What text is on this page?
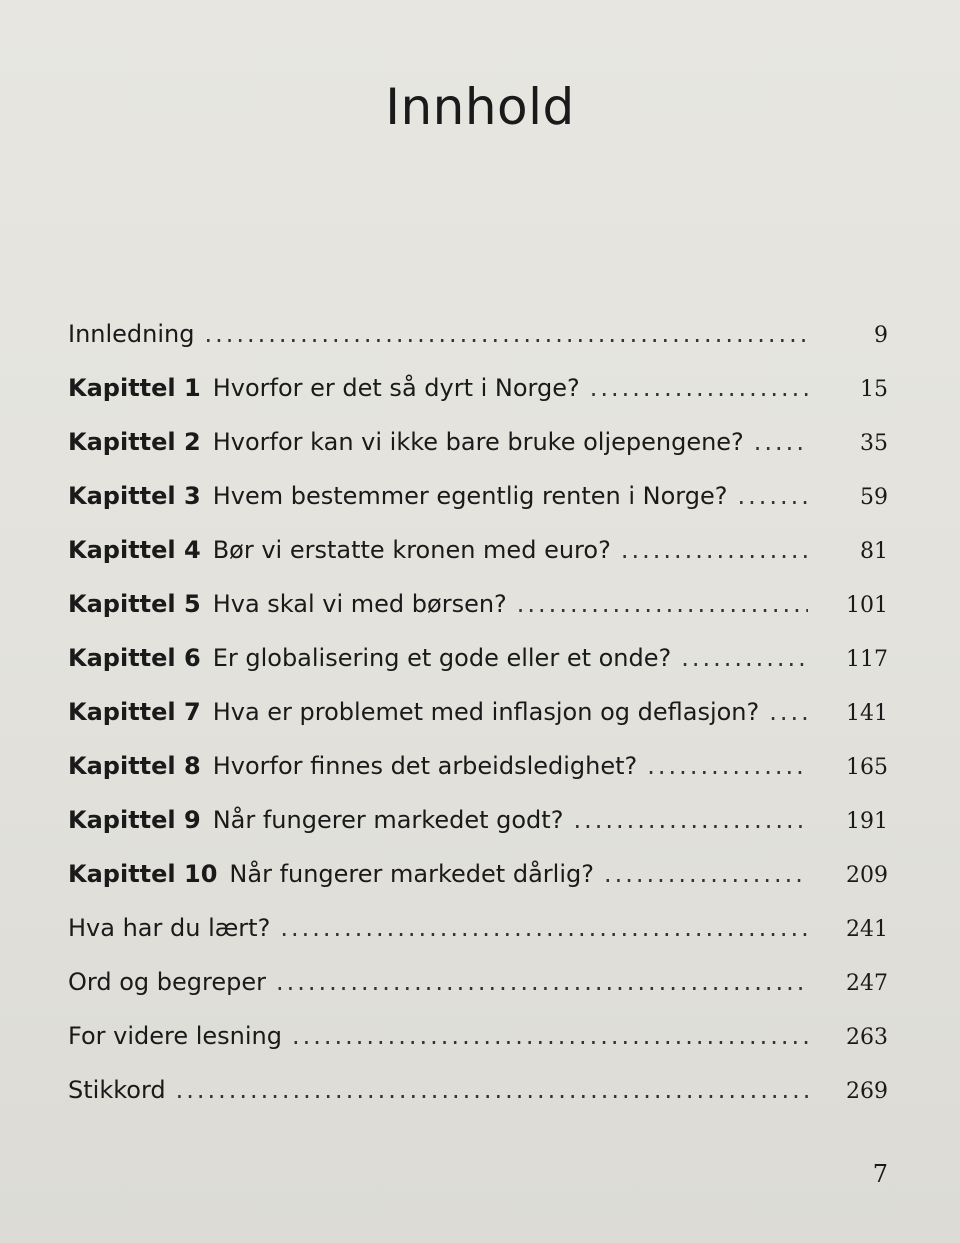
Innhold
Innledning .....	9
Kapittel 1 Hvorfor er det så dyrt i Norge? .....	15
Kapittel 2 Hvorfor kan vi ikke bare bruke oljepengene? .....	35
Kapittel 3 Hvem bestemmer egentlig renten i Norge? .....	59
Kapittel 4 Bør vi erstatte kronen med euro? .....	81
Kapittel 5 Hva skal vi med børsen? .....	101
Kapittel 6 Er globalisering et gode eller et onde? .....	117
Kapittel 7 Hva er problemet med inflasjon og deflasjon? .....	141
Kapittel 8 Hvorfor finnes det arbeidsledighet? .....	165
Kapittel 9 Når fungerer markedet godt? .....	191
Kapittel 10 Når fungerer markedet dårlig? .....	209
Hva har du lært? .....	241
Ord og begreper .....	247
For videre lesning .....	263
Stikkord .....	269
7
